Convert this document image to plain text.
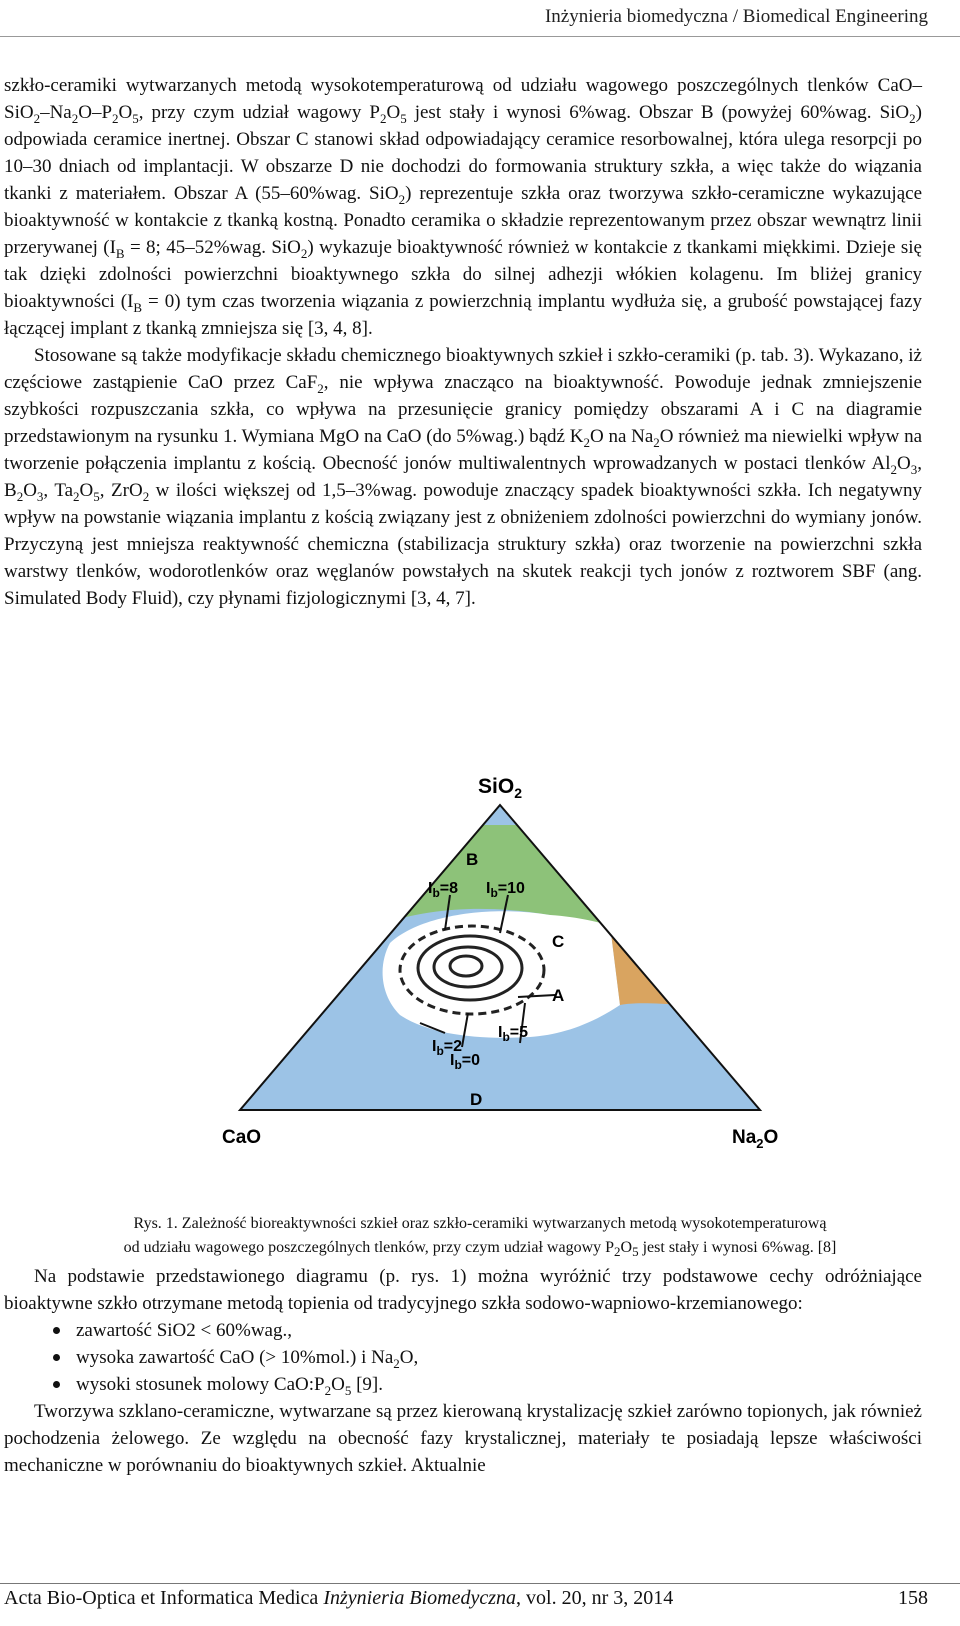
Inżynieria biomedyczna / Biomedical Engineering

szkło-ceramiki wytwarzanych metodą wysokotemperaturową od udziału wagowego poszczególnych tlenków CaO–$SiO_2-Na_2O-P_2O_5$, przy czym udział wagowy $P_2O_5$ jest stały i wynosi 6%wag. Obszar B (powyżej 60%wag. SiO$_2$) odpowiada ceramice inertnej. Obszar C stanowi skład odpowiadający ceramice resorbowalnej, która ulega resorpcji po 10–30 dniach od implantacji. W obszarze D nie dochodzi do formowania struktury szkła, a więc także do wiązania tkanki z materiałem. Obszar A (55–60%wag. SiO$_2$) reprezentuje szkła oraz tworzywa szkło-ceramiczne wykazujące bioaktywność w kontakcie z tkanką kostną. Ponadto ceramika o składzie reprezentowanym przez obszar wewnątrz linii przerywanej ($I_B = 8$; 45–52%wag. SiO$_2$) wykazuje bioaktywność również w kontakcie z tkankami miękkimi. Dzieje się tak dzięki zdolności powierzchni bioaktywnego szkła do silnej adhezji włókien kolagenu. Im bliżej granicy bioaktywności $(I_B = 0)$ tym czas tworzenia wiązania z powierzchnią implantu wydłuża się, a grubość powstającej fazy łączącej implant z tkanką zmniejsza się [3, 4, 8].

Stosowane są także modyfikacje składu chemicznego bioaktywnych szkieł i szkło-ceramiki (p. tab. 3). Wykazano, iż częściowe zastąpienie CaO przez CaF$_2$, nie wpływa znacząco na bioaktywność. Powoduje jednak zmniejszenie szybkości rozpuszczania szkła, co wpływa na przesunięcie granicy pomiędzy obszarami A i C na diagramie przedstawionym na rysunku 1. Wymiana MgO na CaO (do 5%wag.) bądź $K_2O$ na $Na_2O$ również ma niewielki wpływ na tworzenie połączenia implantu z kością. Obecność jonów multiwalentnych wprowadzanych w postaci tlenków $Al_2O_3$, $B_2O_3$, $Ta_2O_5$, ZrO$_2$ w ilości większej od 1,5–3%wag. powoduje znaczący spadek bioaktywności szkła. Ich negatywny wpływ na powstanie wiązania implantu z kością związany jest z obniżeniem zdolności powierzchni do wymiany jonów. Przyczyną jest mniejsza reaktywność chemiczna (stabilizacja struktury szkła) oraz tworzenie na powierzchni szkła warstwy tlenków, wodorotlenków oraz węglanów powstałych na skutek reakcji tych jonów z roztworem SBF (ang. Simulated Body Fluid), czy płynami fizjologicznymi [3, 4, 7].

SiO$_2$
CaO	$Na_2O$
B
C
A
D
$I_b=8$ $I_b=10$
$I_b=2$
$I_b=0$
$I_b=5$
Rys. 1. Zależność bioreaktywności szkieł oraz szkło-ceramiki wytwarzanych metodą wysokotemperaturową
od udziału wagowego poszczególnych tlenków, przy czym udział wagowy $P_2O_5$ jest stały i wynosi 6%wag. [8]

Na podstawie przedstawionego diagramu (p. rys. 1) można wyróżnić trzy podstawowe cechy odróżniające bioaktywne szkło otrzymane metodą topienia od tradycyjnego szkła sodowo-wapniowo-krzemianowego:

zawartość SiO2 < 60%wag.,
wysoka zawartość CaO (> 10%mol.) i $Na_2O$,
wysoki stosunek molowy $CaO:P_2O_5$ [9].

Tworzywa szklano-ceramiczne, wytwarzane są przez kierowaną krystalizację szkieł zarówno topionych, jak również pochodzenia żelowego. Ze względu na obecność fazy krystalicznej, materiały te posiadają lepsze właściwości mechaniczne w porównaniu do bioaktywnych szkieł. Aktualnie

Acta Bio-Optica et Informatica Medica Inżynieria Biomedyczna, vol. 20, nr 3, 2014	158
